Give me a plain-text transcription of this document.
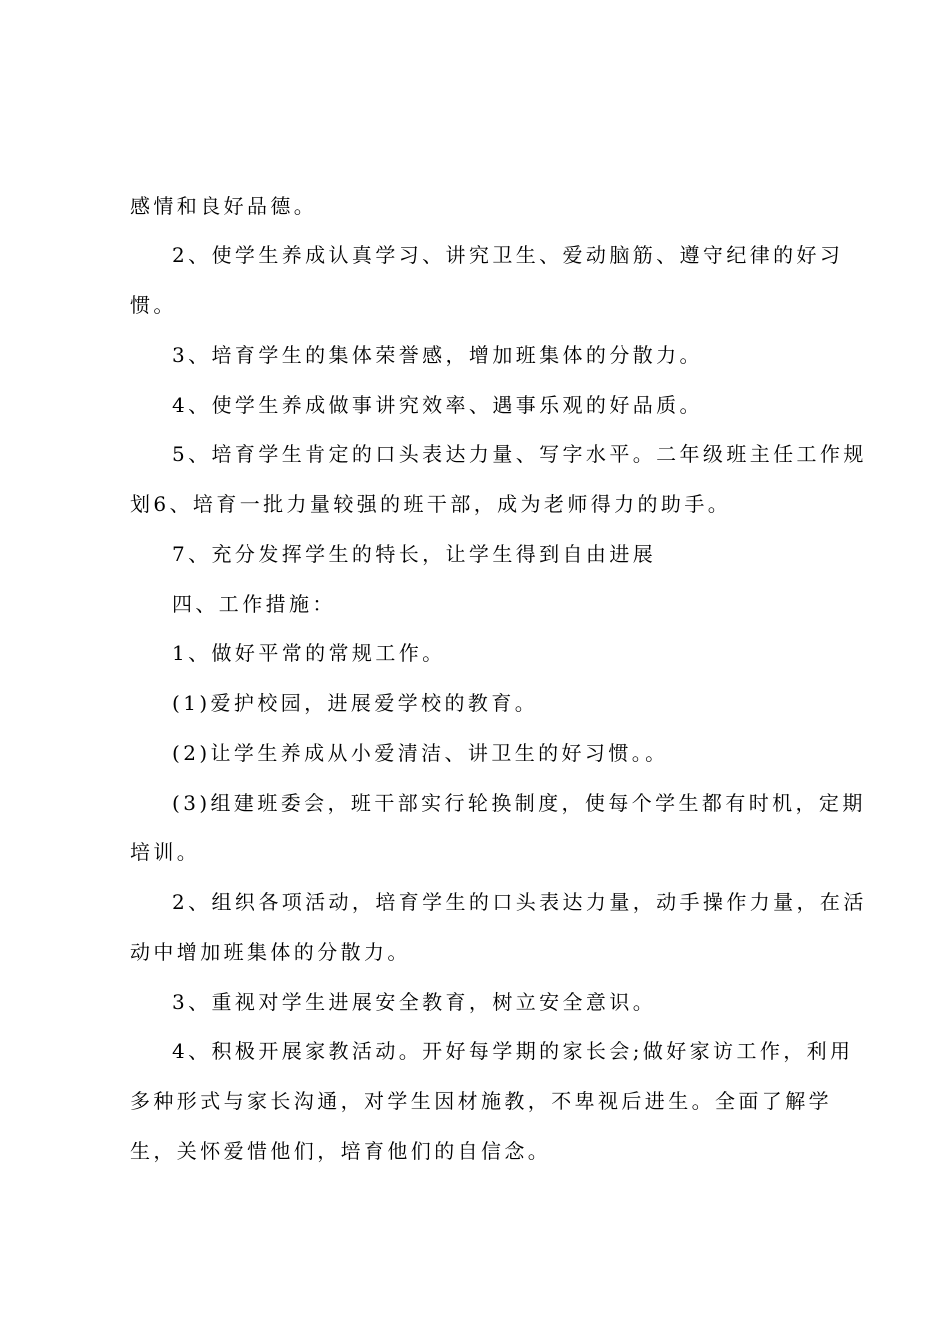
感情和良好品德。
2、使学生养成认真学习、讲究卫生、爱动脑筋、遵守纪律的好习
惯。
3、培育学生的集体荣誉感，增加班集体的分散力。
4、使学生养成做事讲究效率、遇事乐观的好品质。
5、培育学生肯定的口头表达力量、写字水平。二年级班主任工作规
划6、培育一批力量较强的班干部，成为老师得力的助手。
7、充分发挥学生的特长，让学生得到自由进展
四、工作措施：
1、做好平常的常规工作。
(1)爱护校园，进展爱学校的教育。
(2)让学生养成从小爱清洁、讲卫生的好习惯。。
(3)组建班委会，班干部实行轮换制度，使每个学生都有时机，定期
培训。
2、组织各项活动，培育学生的口头表达力量，动手操作力量，在活
动中增加班集体的分散力。
3、重视对学生进展安全教育，树立安全意识。
4、积极开展家教活动。开好每学期的家长会;做好家访工作，利用
多种形式与家长沟通，对学生因材施教，不卑视后进生。全面了解学
生，关怀爱惜他们，培育他们的自信念。
